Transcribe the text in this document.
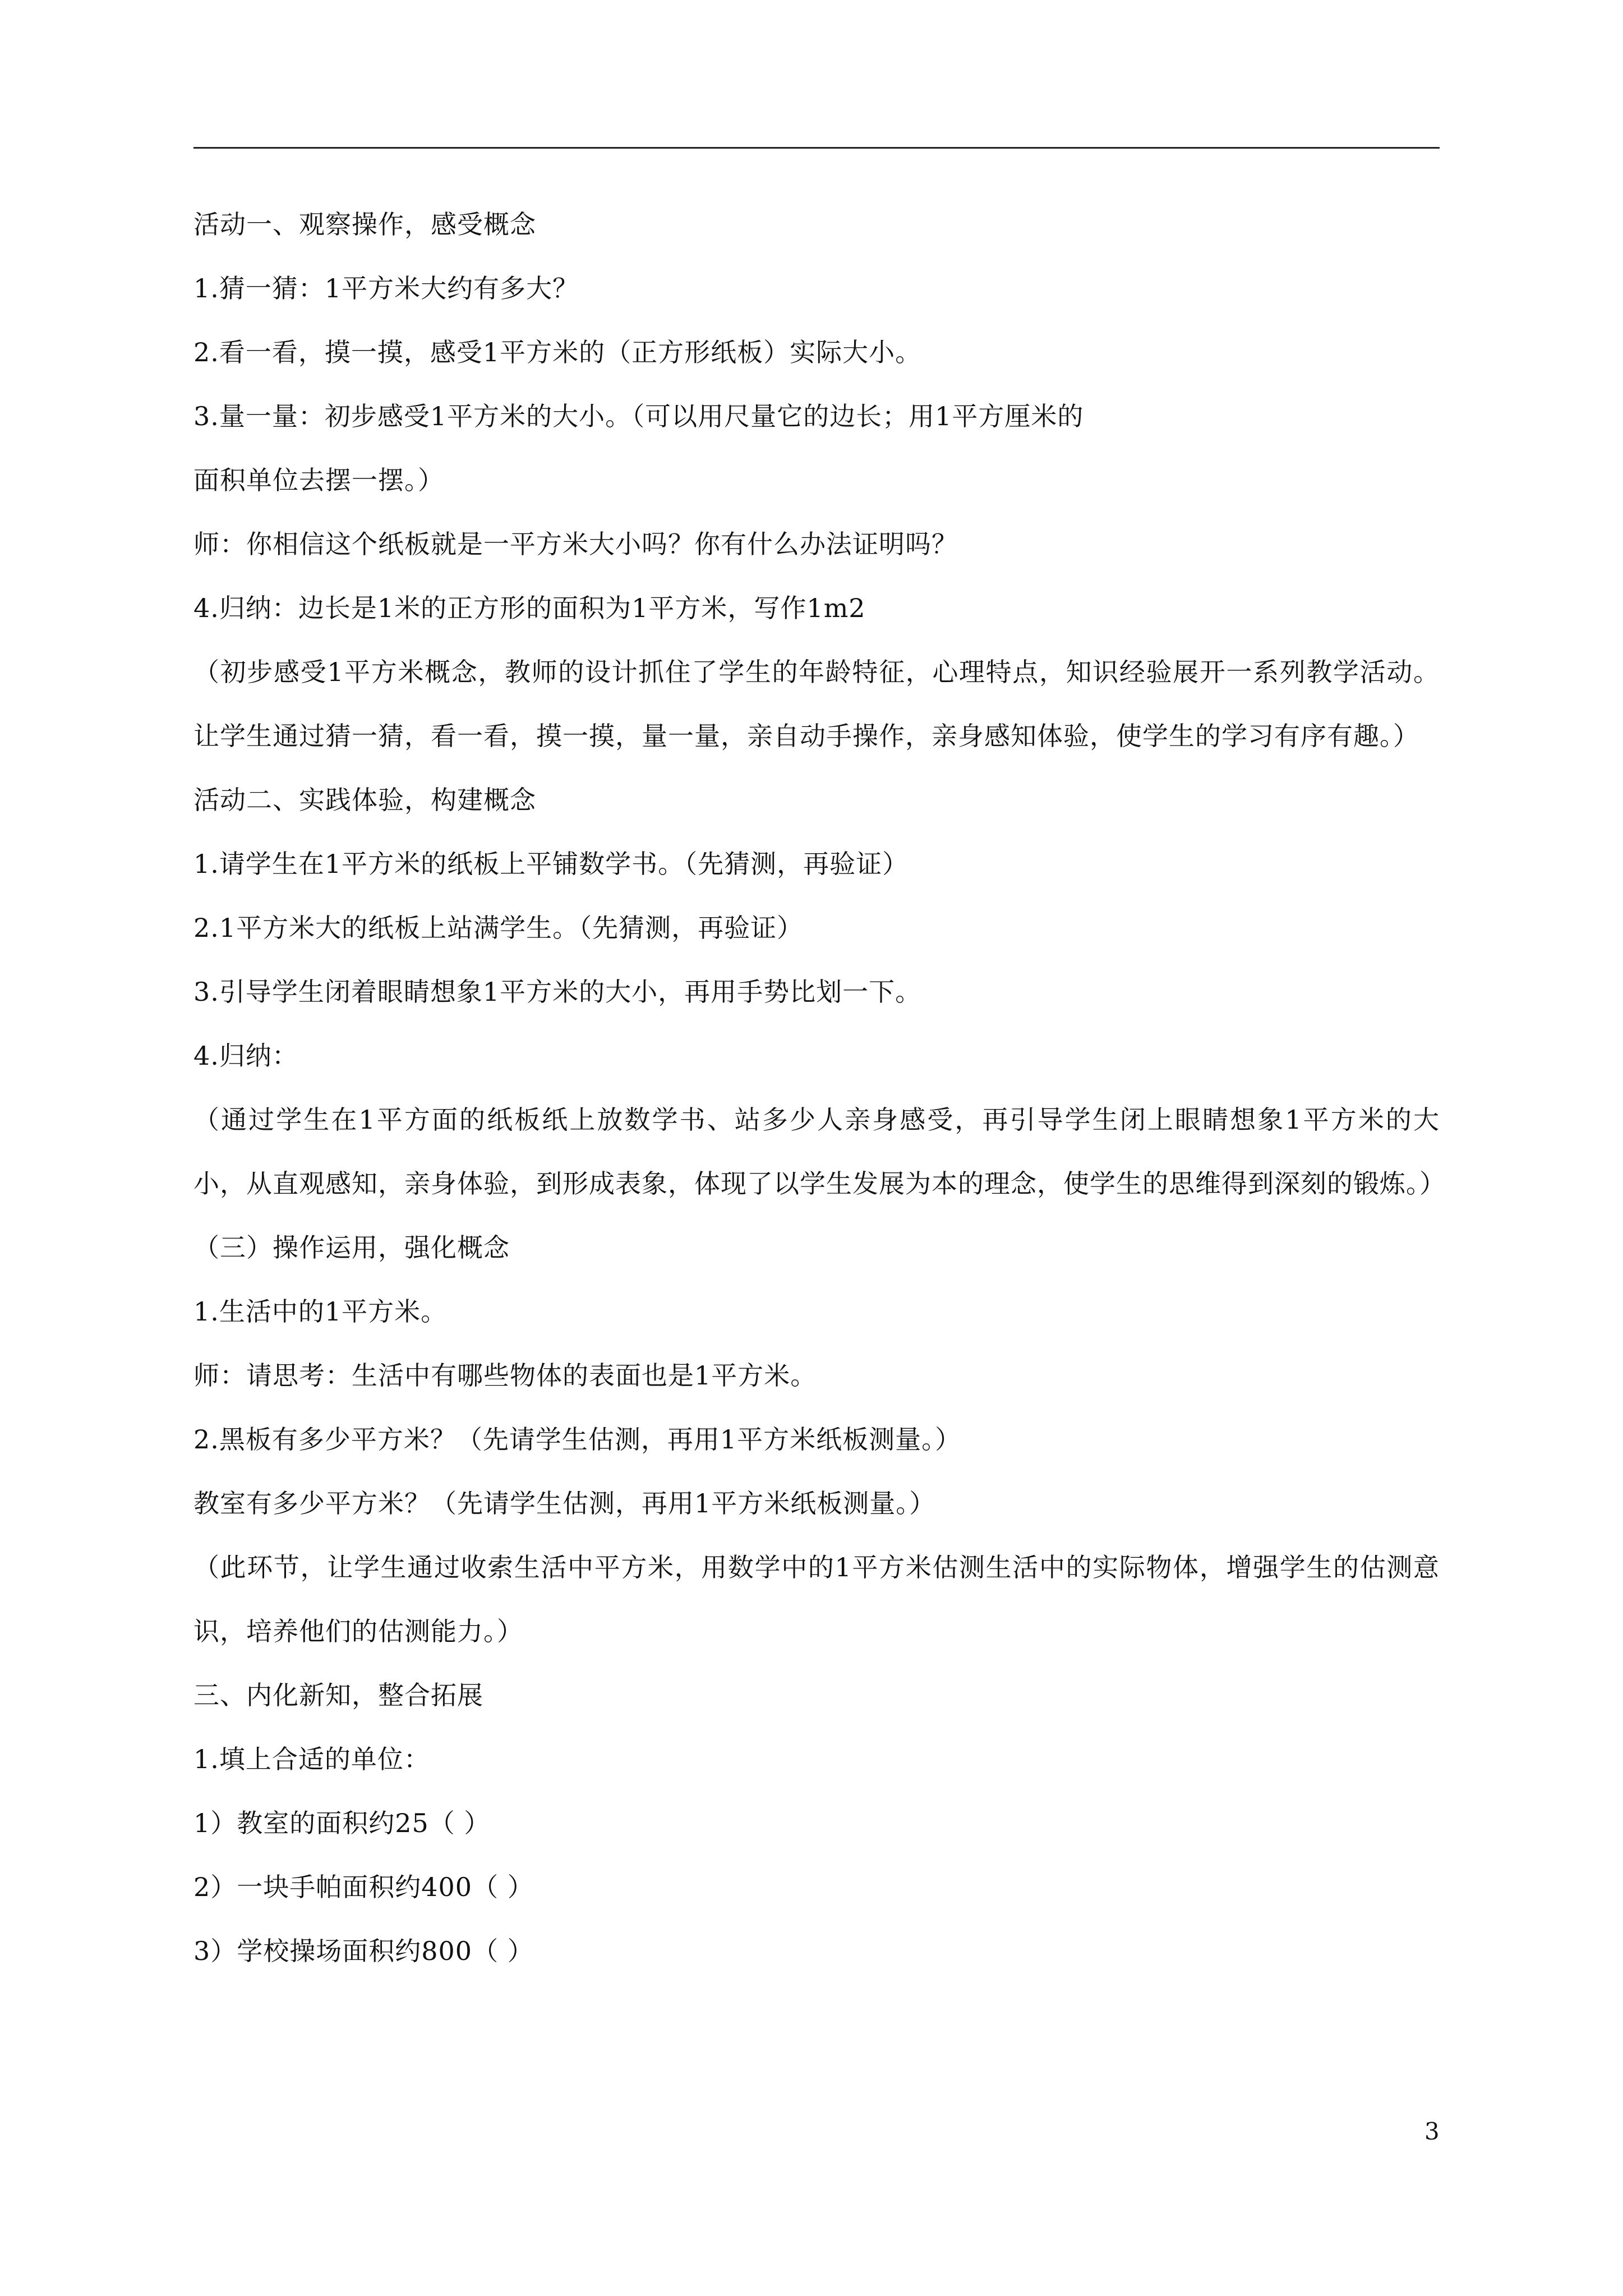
活动一、观察操作，感受概念
1.猜一猜：1平方米大约有多大？
2.看一看，摸一摸，感受1平方米的（正方形纸板）实际大小。
3.量一量：初步感受1平方米的大小。（可以用尺量它的边长；用1平方厘米的
面积单位去摆一摆。）
师：你相信这个纸板就是一平方米大小吗？你有什么办法证明吗？
4.归纳：边长是1米的正方形的面积为1平方米，写作1m2
（初步感受1平方米概念，教师的设计抓住了学生的年龄特征，心理特点，知识经验展开一系列教学活动。让学生通过猜一猜，看一看，摸一摸，量一量，亲自动手操作，亲身感知体验，使学生的学习有序有趣。）
活动二、实践体验，构建概念
1.请学生在1平方米的纸板上平铺数学书。（先猜测，再验证）
2.1平方米大的纸板上站满学生。（先猜测，再验证）
3.引导学生闭着眼睛想象1平方米的大小，再用手势比划一下。
4.归纳：
（通过学生在1平方面的纸板纸上放数学书、站多少人亲身感受，再引导学生闭上眼睛想象1平方米的大小，从直观感知，亲身体验，到形成表象，体现了以学生发展为本的理念，使学生的思维得到深刻的锻炼。）
（三）操作运用，强化概念
1.生活中的1平方米。
师：请思考：生活中有哪些物体的表面也是1平方米。
2.黑板有多少平方米？（先请学生估测，再用1平方米纸板测量。）
教室有多少平方米？（先请学生估测，再用1平方米纸板测量。）
（此环节，让学生通过收索生活中平方米，用数学中的1平方米估测生活中的实际物体，增强学生的估测意识，培养他们的估测能力。）
三、内化新知，整合拓展
1.填上合适的单位：
1）教室的面积约25（ ）
2）一块手帕面积约400（ ）
3）学校操场面积约800（ ）
3
